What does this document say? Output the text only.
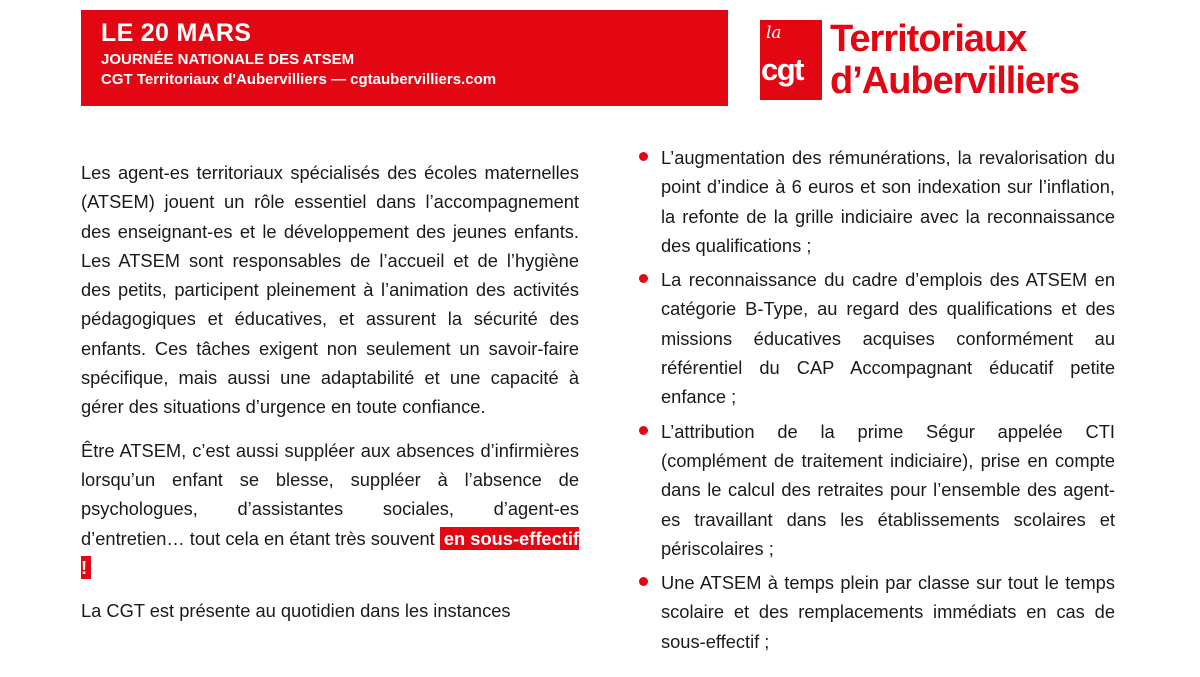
LE 20 MARS
JOURNÉE NATIONALE DES ATSEM
CGT Territoriaux d'Aubervilliers — cgtaubervilliers.com
la
cgt
Territoriaux
d’Aubervilliers

Les agent-es territoriaux spécialisés des écoles maternelles (ATSEM) jouent un rôle essentiel dans l’accompagnement des enseignant-es et le développement des jeunes enfants. Les ATSEM sont responsables de l’accueil et de l’hygiène des petits, participent pleinement à l’animation des activités pédagogiques et éducatives, et assurent la sécurité des enfants. Ces tâches exigent non seulement un savoir-faire spécifique, mais aussi une adaptabilité et une capacité à gérer des situations d’urgence en toute confiance.

Être ATSEM, c’est aussi suppléer aux absences d’infirmières lorsqu’un enfant se blesse, suppléer à l’absence de psychologues, d’assistantes sociales, d’agent-es d’entretien… tout cela en étant très souvent en sous-effectif !

La CGT est présente au quotidien dans les instances

L’augmentation des rémunérations, la revalorisation du point d’indice à 6 euros et son indexation sur l’inflation, la refonte de la grille indiciaire avec la reconnaissance des qualifications ;
La reconnaissance du cadre d’emplois des ATSEM en catégorie B-Type, au regard des qualifications et des missions éducatives acquises conformément au référentiel du CAP Accompagnant éducatif petite enfance ;
L’attribution de la prime Ségur appelée CTI (complément de traitement indiciaire), prise en compte dans le calcul des retraites pour l’ensemble des agent-es travaillant dans les établissements scolaires et périscolaires ;
Une ATSEM à temps plein par classe sur tout le temps scolaire et des remplacements immédiats en cas de sous-effectif ;
